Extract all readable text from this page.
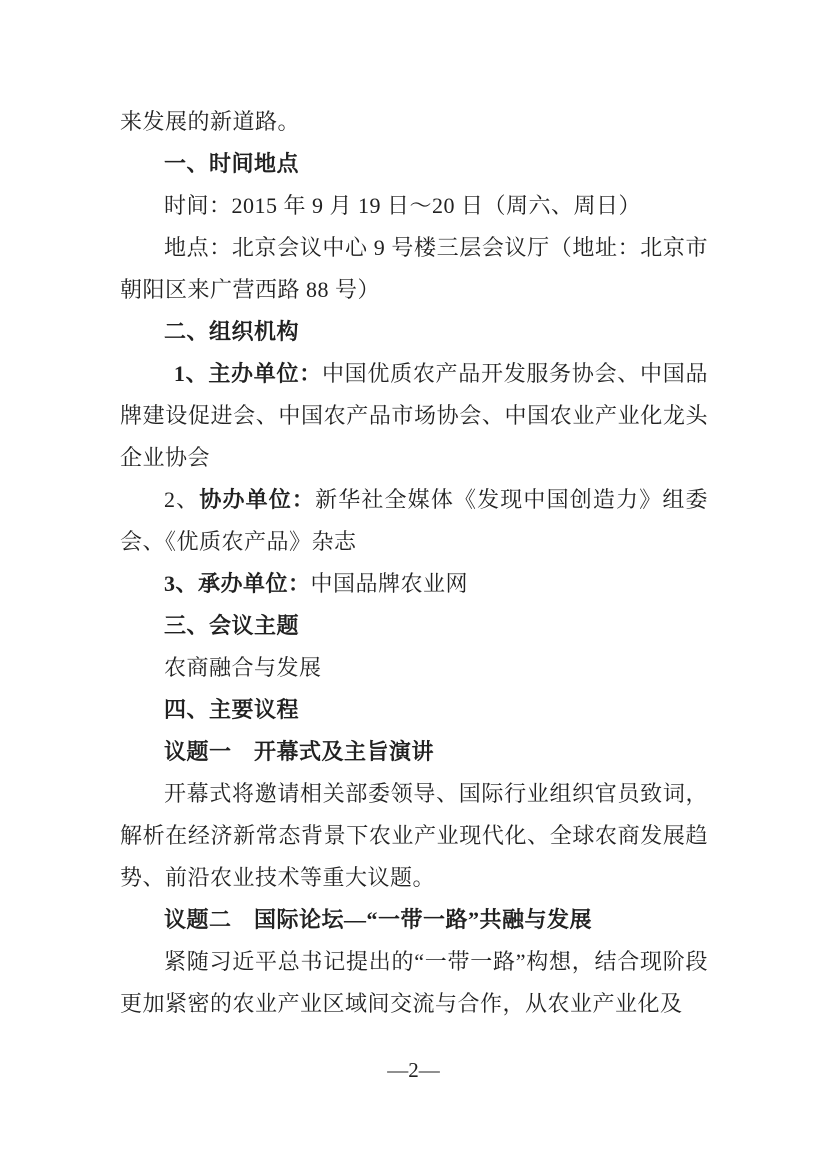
来发展的新道路。

一、时间地点

时间：2015 年 9 月 19 日～20 日（周六、周日）

地点：北京会议中心 9 号楼三层会议厅（地址：北京市朝阳区来广营西路 88 号）

二、组织机构

1、主办单位：中国优质农产品开发服务协会、中国品牌建设促进会、中国农产品市场协会、中国农业产业化龙头企业协会

2、协办单位：新华社全媒体《发现中国创造力》组委会、《优质农产品》杂志

3、承办单位：中国品牌农业网

三、会议主题

农商融合与发展

四、主要议程

议题一　开幕式及主旨演讲

开幕式将邀请相关部委领导、国际行业组织官员致词，解析在经济新常态背景下农业产业现代化、全球农商发展趋势、前沿农业技术等重大议题。

议题二　国际论坛—“一带一路”共融与发展

紧随习近平总书记提出的“一带一路”构想，结合现阶段更加紧密的农业产业区域间交流与合作，从农业产业化及

—2—
